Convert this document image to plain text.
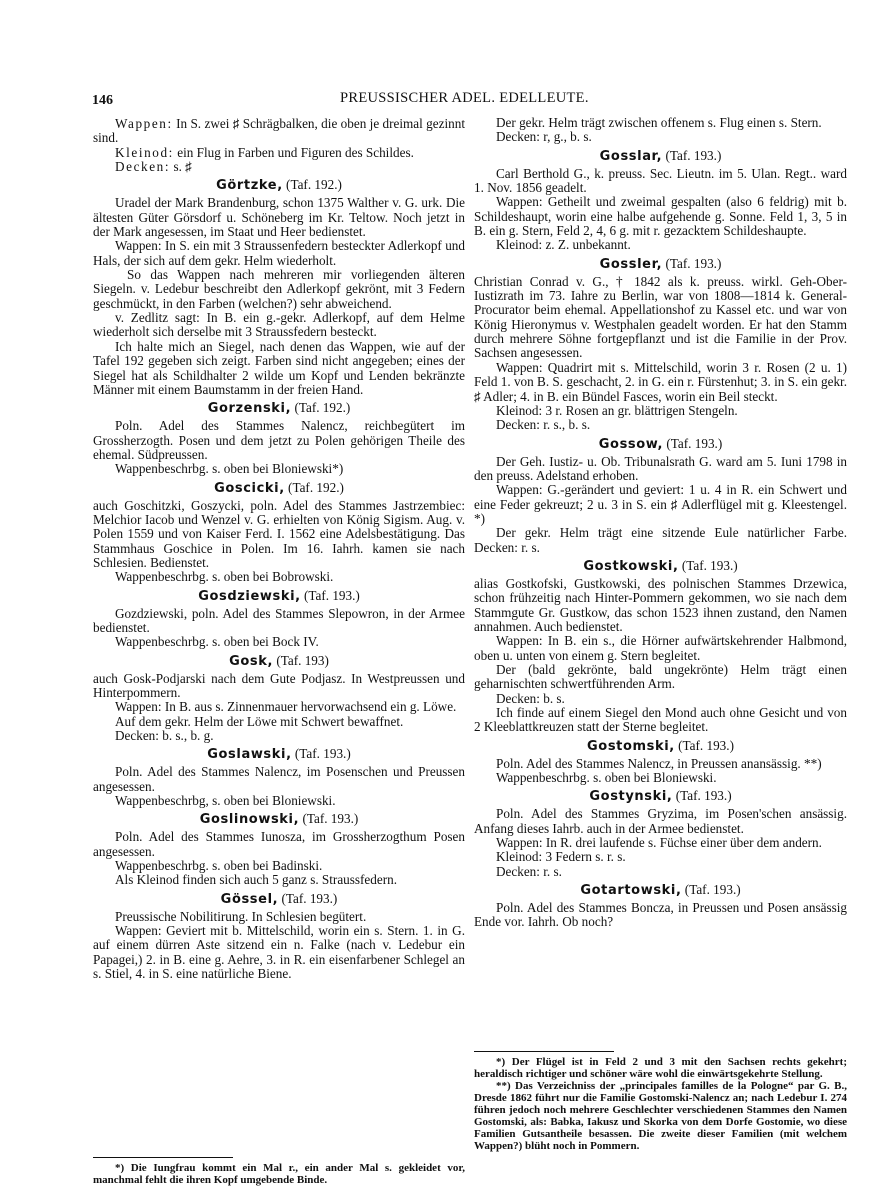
146	PREUSSISCHER ADEL. EDELLEUTE.

Wappen: In S. zwei ♯ Schrägbalken, die oben je dreimal gezinnt sind.

Kleinod: ein Flug in Farben und Figuren des Schildes.

Decken: s. ♯

Görtzke, (Taf. 192.)

Uradel der Mark Brandenburg, schon 1375 Walther v. G. urk. Die ältesten Güter Görsdorf u. Schöneberg im Kr. Teltow. Noch jetzt in der Mark angesessen, im Staat und Heer bedienstet.

Wappen: In S. ein mit 3 Straussenfedern besteckter Adlerkopf und Hals, der sich auf dem gekr. Helm wiederholt.

So das Wappen nach mehreren mir vorliegenden älteren Siegeln. v. Ledebur beschreibt den Adlerkopf gekrönt, mit 3 Federn geschmückt, in den Farben (welchen?) sehr abweichend.

v. Zedlitz sagt: In B. ein g.-gekr. Adlerkopf, auf dem Helme wiederholt sich derselbe mit 3 Straussfedern besteckt.

Ich halte mich an Siegel, nach denen das Wappen, wie auf der Tafel 192 gegeben sich zeigt. Farben sind nicht angegeben; eines der Siegel hat als Schildhalter 2 wilde um Kopf und Lenden bekränzte Männer mit einem Baumstamm in der freien Hand.

Gorzenski, (Taf. 192.)

Poln. Adel des Stammes Nalencz, reichbegütert im Grossherzogth. Posen und dem jetzt zu Polen gehörigen Theile des ehemal. Südpreussen.

Wappenbeschrbg. s. oben bei Bloniewski*)

Goscicki, (Taf. 192.)

auch Goschitzki, Goszycki, poln. Adel des Stammes Jastrzembiec: Melchior Iacob und Wenzel v. G. erhielten von König Sigism. Aug. v. Polen 1559 und von Kaiser Ferd. I. 1562 eine Adelsbestätigung. Das Stammhaus Goschice in Polen. Im 16. Iahrh. kamen sie nach Schlesien. Bedienstet.

Wappenbeschrbg. s. oben bei Bobrowski.

Gosdziewski, (Taf. 193.)

Gozdziewski, poln. Adel des Stammes Slepowron, in der Armee bedienstet.

Wappenbeschrbg. s. oben bei Bock IV.

Gosk, (Taf. 193)

auch Gosk-Podjarski nach dem Gute Podjasz. In Westpreussen und Hinterpommern.

Wappen: In B. aus s. Zinnenmauer hervorwachsend ein g. Löwe.

Auf dem gekr. Helm der Löwe mit Schwert bewaffnet.

Decken: b. s., b. g.

Goslawski, (Taf. 193.)

Poln. Adel des Stammes Nalencz, im Posenschen und Preussen angesessen.

Wappenbeschrbg, s. oben bei Bloniewski.

Goslinowski, (Taf. 193.)

Poln. Adel des Stammes Iunosza, im Grossherzogthum Posen angesessen.

Wappenbeschrbg. s. oben bei Badinski.

Als Kleinod finden sich auch 5 ganz s. Straussfedern.

Gössel, (Taf. 193.)

Preussische Nobilitirung. In Schlesien begütert.

Wappen: Geviert mit b. Mittelschild, worin ein s. Stern. 1. in G. auf einem dürren Aste sitzend ein n. Falke (nach v. Ledebur ein Papagei,) 2. in B. eine g. Aehre, 3. in R. ein eisenfarbener Schlegel an s. Stiel, 4. in S. eine natürliche Biene.

*) Die Iungfrau kommt ein Mal r., ein ander Mal s. gekleidet vor, manchmal fehlt die ihren Kopf umgebende Binde.

Der gekr. Helm trägt zwischen offenem s. Flug einen s. Stern.

Decken: r, g., b. s.

Gosslar, (Taf. 193.)

Carl Berthold G., k. preuss. Sec. Lieutn. im 5. Ulan. Regt.. ward 1. Nov. 1856 geadelt.

Wappen: Getheilt und zweimal gespalten (also 6 feldrig) mit b. Schildeshaupt, worin eine halbe aufgehende g. Sonne. Feld 1, 3, 5 in B. ein g. Stern, Feld 2, 4, 6 g. mit r. gezacktem Schildeshaupte.

Kleinod: z. Z. unbekannt.

Gossler, (Taf. 193.)

Christian Conrad v. G., † 1842 als k. preuss. wirkl. Geh-Ober-Iustizrath im 73. Iahre zu Berlin, war von 1808—1814 k. General-Procurator beim ehemal. Appellationshof zu Kassel etc. und war von König Hieronymus v. Westphalen geadelt worden. Er hat den Stamm durch mehrere Söhne fortgepflanzt und ist die Familie in der Prov. Sachsen angesessen.

Wappen: Quadrirt mit s. Mittelschild, worin 3 r. Rosen (2 u. 1) Feld 1. von B. S. geschacht, 2. in G. ein r. Fürstenhut; 3. in S. ein gekr. ♯ Adler; 4. in B. ein Bündel Fasces, worin ein Beil steckt.

Kleinod: 3 r. Rosen an gr. blättrigen Stengeln.

Decken: r. s., b. s.

Gossow, (Taf. 193.)

Der Geh. Iustiz- u. Ob. Tribunalsrath G. ward am 5. Iuni 1798 in den preuss. Adelstand erhoben.

Wappen: G.-gerändert und geviert: 1 u. 4 in R. ein Schwert und eine Feder gekreuzt; 2 u. 3 in S. ein ♯ Adlerflügel mit g. Kleestengel. *)

Der gekr. Helm trägt eine sitzende Eule natürlicher Farbe. Decken: r. s.

Gostkowski, (Taf. 193.)

alias Gostkofski, Gustkowski, des polnischen Stammes Drzewica, schon frühzeitig nach Hinter-Pommern gekommen, wo sie nach dem Stammgute Gr. Gustkow, das schon 1523 ihnen zustand, den Namen annahmen. Auch bedienstet.

Wappen: In B. ein s., die Hörner aufwärtskehrender Halbmond, oben u. unten von einem g. Stern begleitet.

Der (bald gekrönte, bald ungekrönte) Helm trägt einen geharnischten schwertführenden Arm.

Decken: b. s.

Ich finde auf einem Siegel den Mond auch ohne Gesicht und von 2 Kleeblattkreuzen statt der Sterne begleitet.

Gostomski, (Taf. 193.)

Poln. Adel des Stammes Nalencz, in Preussen anansässig. **)

Wappenbeschrbg. s. oben bei Bloniewski.

Gostynski, (Taf. 193.)

Poln. Adel des Stammes Gryzima, im Posen'schen ansässig. Anfang dieses Iahrb. auch in der Armee bedienstet.

Wappen: In R. drei laufende s. Füchse einer über dem andern.

Kleinod: 3 Federn s. r. s.

Decken: r. s.

Gotartowski, (Taf. 193.)

Poln. Adel des Stammes Boncza, in Preussen und Posen ansässig Ende vor. Iahrh. Ob noch?

*) Der Flügel ist in Feld 2 und 3 mit den Sachsen rechts gekehrt; heraldisch richtiger und schöner wäre wohl die einwärtsgekehrte Stellung.

**) Das Verzeichniss der „principales familles de la Pologne“ par G. B., Dresde 1862 führt nur die Familie Gostomski-Nalencz an; nach Ledebur I. 274 führen jedoch noch mehrere Geschlechter verschiedenen Stammes den Namen Gostomski, als: Babka, Iakusz und Skorka von dem Dorfe Gostomie, wo diese Familien Gutsantheile besassen. Die zweite dieser Familien (mit welchem Wappen?) blüht noch in Pommern.
